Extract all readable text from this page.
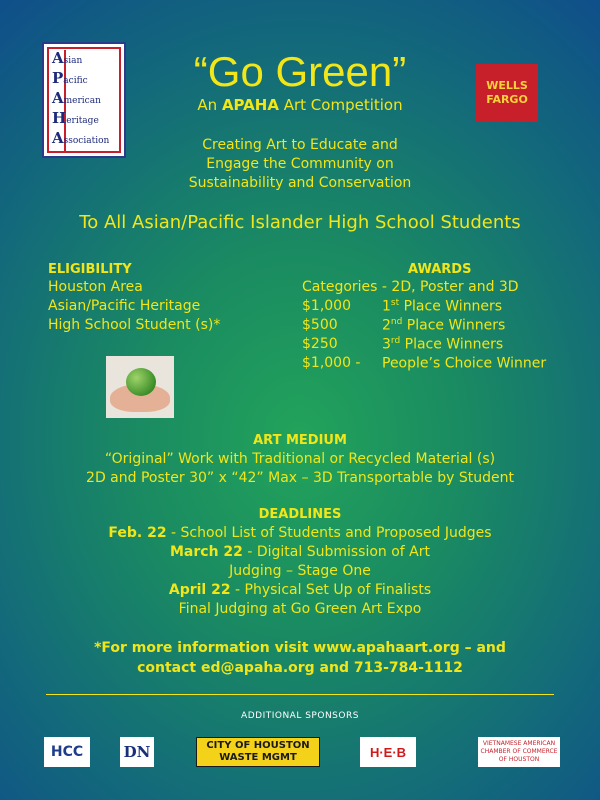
Asian
Pacific
American
Heritage
Association
WELLS
FARGO
“Go Green”
An APAHA Art Competition
Creating Art to Educate and
Engage the Community on
Sustainability and Conservation
To All Asian/Pacific Islander High School Students
ELIGIBILITY
Houston Area
Asian/Pacific Heritage
High School Student (s)*
AWARDS
Categories - 2D, Poster and 3D
$1,000 1st Place Winners
$500	2nd Place Winners
$250	3rd Place Winners
$1,000 - People’s Choice Winner
ART MEDIUM
“Original” Work with Traditional or Recycled Material (s)
2D and Poster 30” x “42” Max – 3D Transportable by Student
DEADLINES
Feb. 22 - School List of Students and Proposed Judges
March 22 - Digital Submission of Art
Judging – Stage One
April 22 - Physical Set Up of Finalists
Final Judging at Go Green Art Expo
*For more information visit www.apahaart.org – and
contact ed@apaha.org and 713-784-1112
ADDITIONAL SPONSORS
HCC	DN	CITY OF HOUSTON
WASTE MGMT	H·E·B
VIETNAMESE AMERICAN
CHAMBER OF COMMERCE OF HOUSTON
